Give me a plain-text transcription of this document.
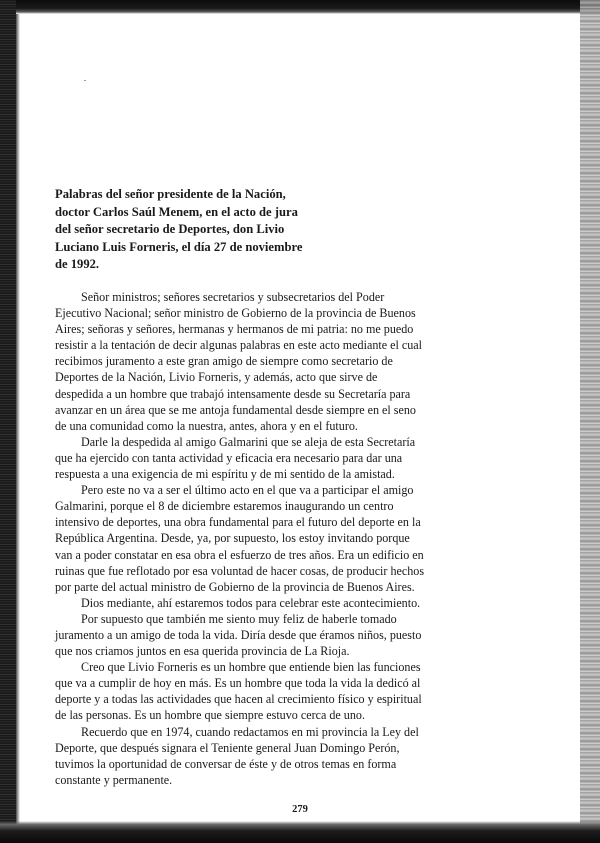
Palabras del señor presidente de la Nación,
doctor Carlos Saúl Menem, en el acto de jura
del señor secretario de Deportes, don Livio
Luciano Luis Forneris, el día 27 de noviembre
de 1992.
Señor ministros; señores secretarios y subsecretarios del Poder
Ejecutivo Nacional; señor ministro de Gobierno de la provincia de Buenos
Aires; señoras y señores, hermanas y hermanos de mi patria: no me puedo
resistir a la tentación de decir algunas palabras en este acto mediante el cual
recibimos juramento a este gran amigo de siempre como secretario de
Deportes de la Nación, Livio Forneris, y además, acto que sirve de
despedida a un hombre que trabajó intensamente desde su Secretaría para
avanzar en un área que se me antoja fundamental desde siempre en el seno
de una comunidad como la nuestra, antes, ahora y en el futuro.
Darle la despedida al amigo Galmarini que se aleja de esta Secretaría
que ha ejercido con tanta actividad y eficacia era necesario para dar una
respuesta a una exigencia de mi espíritu y de mi sentido de la amistad.
Pero este no va a ser el último acto en el que va a participar el amigo
Galmarini, porque el 8 de diciembre estaremos inaugurando un centro
intensivo de deportes, una obra fundamental para el futuro del deporte en la
República Argentina. Desde, ya, por supuesto, los estoy invitando porque
van a poder constatar en esa obra el esfuerzo de tres años. Era un edificio en
ruinas que fue reflotado por esa voluntad de hacer cosas, de producir hechos
por parte del actual ministro de Gobierno de la provincia de Buenos Aires.
Dios mediante, ahí estaremos todos para celebrar este acontecimiento.
Por supuesto que también me siento muy feliz de haberle tomado
juramento a un amigo de toda la vida. Diría desde que éramos niños, puesto
que nos criamos juntos en esa querida provincia de La Rioja.
Creo que Livio Forneris es un hombre que entiende bien las funciones
que va a cumplir de hoy en más. Es un hombre que toda la vida la dedicó al
deporte y a todas las actividades que hacen al crecimiento físico y espiritual
de las personas. Es un hombre que siempre estuvo cerca de uno.
Recuerdo que en 1974, cuando redactamos en mi provincia la Ley del
Deporte, que después signara el Teniente general Juan Domingo Perón,
tuvimos la oportunidad de conversar de éste y de otros temas en forma
constante y permanente.
279
